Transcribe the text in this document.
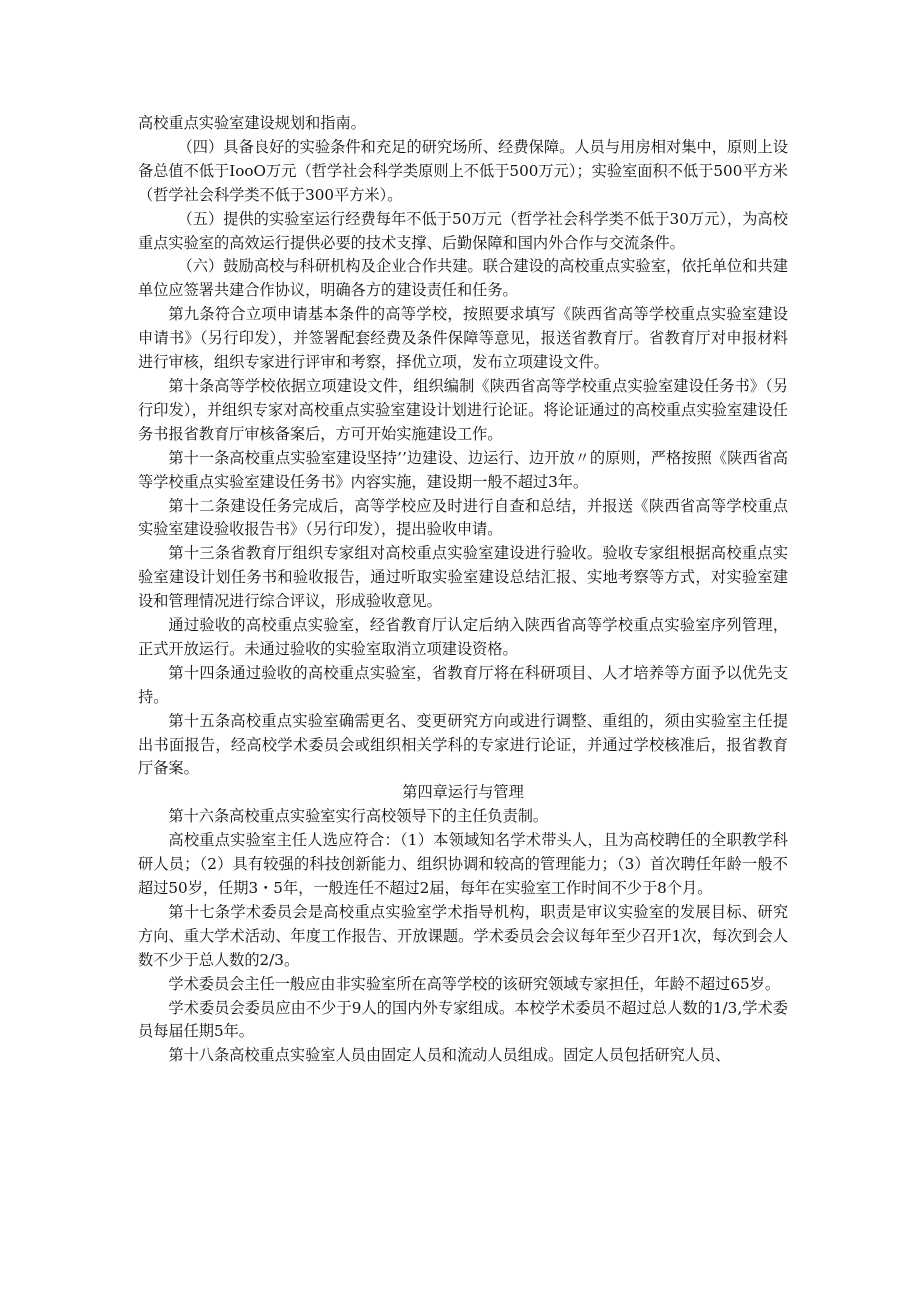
高校重点实验室建设规划和指南。

（四）具备良好的实验条件和充足的研究场所、经费保障。人员与用房相对集中，原则上设备总值不低于IooO万元（哲学社会科学类原则上不低于500万元）；实验室面积不低于500平方米（哲学社会科学类不低于300平方米）。

（五）提供的实验室运行经费每年不低于50万元（哲学社会科学类不低于30万元），为高校重点实验室的高效运行提供必要的技术支撑、后勤保障和国内外合作与交流条件。

（六）鼓励高校与科研机构及企业合作共建。联合建设的高校重点实验室，依托单位和共建单位应签署共建合作协议，明确各方的建设责任和任务。

第九条符合立项申请基本条件的高等学校，按照要求填写《陕西省高等学校重点实验室建设申请书》（另行印发），并签署配套经费及条件保障等意见，报送省教育厅。省教育厅对申报材料进行审核，组织专家进行评审和考察，择优立项，发布立项建设文件。

第十条高等学校依据立项建设文件，组织编制《陕西省高等学校重点实验室建设任务书》（另行印发），并组织专家对高校重点实验室建设计划进行论证。将论证通过的高校重点实验室建设任务书报省教育厅审核备案后，方可开始实施建设工作。

第十一条高校重点实验室建设坚持’’边建设、边运行、边开放〃的原则，严格按照《陕西省高等学校重点实验室建设任务书》内容实施，建设期一般不超过3年。

第十二条建设任务完成后，高等学校应及时进行自查和总结，并报送《陕西省高等学校重点实验室建设验收报告书》（另行印发），提出验收申请。

第十三条省教育厅组织专家组对高校重点实验室建设进行验收。验收专家组根据高校重点实验室建设计划任务书和验收报告，通过听取实验室建设总结汇报、实地考察等方式，对实验室建设和管理情况进行综合评议，形成验收意见。

通过验收的高校重点实验室，经省教育厅认定后纳入陕西省高等学校重点实验室序列管理，正式开放运行。未通过验收的实验室取消立项建设资格。

第十四条通过验收的高校重点实验室，省教育厅将在科研项目、人才培养等方面予以优先支持。

第十五条高校重点实验室确需更名、变更研究方向或进行调整、重组的，须由实验室主任提出书面报告，经高校学术委员会或组织相关学科的专家进行论证，并通过学校核准后，报省教育厅备案。

第四章运行与管理

第十六条高校重点实验室实行高校领导下的主任负责制。

高校重点实验室主任人选应符合：（1）本领域知名学术带头人，且为高校聘任的全职教学科研人员；（2）具有较强的科技创新能力、组织协调和较高的管理能力；（3）首次聘任年龄一般不超过50岁，任期3・5年，一般连任不超过2届，每年在实验室工作时间不少于8个月。

第十七条学术委员会是高校重点实验室学术指导机构，职责是审议实验室的发展目标、研究方向、重大学术活动、年度工作报告、开放课题。学术委员会会议每年至少召开1次，每次到会人数不少于总人数的2/3。

学术委员会主任一般应由非实验室所在高等学校的该研究领域专家担任，年龄不超过65岁。

学术委员会委员应由不少于9人的国内外专家组成。本校学术委员不超过总人数的1/3,学术委员每届任期5年。

第十八条高校重点实验室人员由固定人员和流动人员组成。固定人员包括研究人员、
